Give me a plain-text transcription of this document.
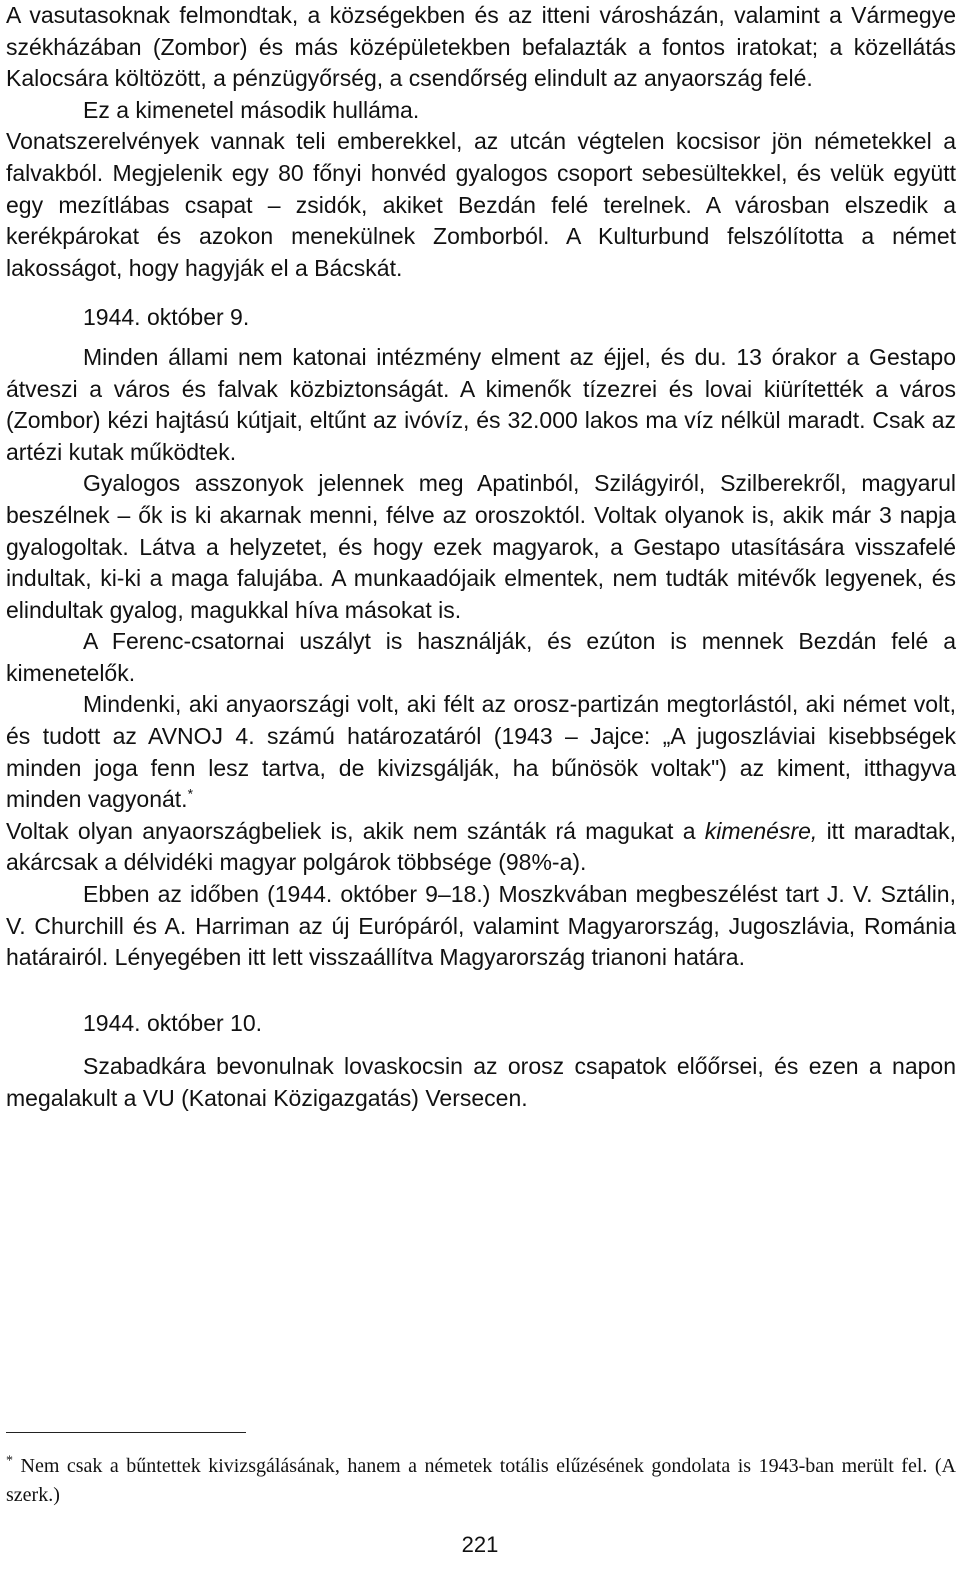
A vasutasoknak felmondtak, a községekben és az itteni városházán, valamint a Vármegye székházában (Zombor) és más középületekben befalazták a fontos iratokat; a közellátás Kalocsára költözött, a pénzügyőrség, a csendőrség elindult az anyaország felé.

Ez a kimenetel második hulláma.

Vonatszerelvények vannak teli emberekkel, az utcán végtelen kocsisor jön németekkel a falvakból. Megjelenik egy 80 főnyi honvéd gyalogos csoport sebesültekkel, és velük együtt egy mezítlábas csapat – zsidók, akiket Bezdán felé terelnek. A városban elszedik a kerékpárokat és azokon menekülnek Zomborból. A Kulturbund felszólította a német lakosságot, hogy hagyják el a Bácskát.

1944. október 9.

Minden állami nem katonai intézmény elment az éjjel, és du. 13 órakor a Gestapo átveszi a város és falvak közbiztonságát. A kimenők tízezrei és lovai kiürítették a város (Zombor) kézi hajtású kútjait, eltűnt az ivóvíz, és 32.000 lakos ma víz nélkül maradt. Csak az artézi kutak működtek.

Gyalogos asszonyok jelennek meg Apatinból, Szilágyiról, Szilberekről, magyarul beszélnek – ők is ki akarnak menni, félve az oroszoktól. Voltak olyanok is, akik már 3 napja gyalogoltak. Látva a helyzetet, és hogy ezek magyarok, a Gestapo utasítására visszafelé indultak, ki-ki a maga falujába. A munkaadójaik elmentek, nem tudták mitévők legyenek, és elindultak gyalog, magukkal híva másokat is.

A Ferenc-csatornai uszályt is használják, és ezúton is mennek Bezdán felé a kimenetelők.

Mindenki, aki anyaországi volt, aki félt az orosz-partizán megtorlástól, aki német volt, és tudott az AVNOJ 4. számú határozatáról (1943 – Jajce: „A jugoszláviai kisebbségek minden joga fenn lesz tartva, de kivizsgálják, ha bűnösök voltak") az kiment, itthagyva minden vagyonát.*

Voltak olyan anyaországbeliek is, akik nem szánták rá magukat a kimenésre, itt maradtak, akárcsak a délvidéki magyar polgárok többsége (98%-a).

Ebben az időben (1944. október 9–18.) Moszkvában megbeszélést tart J. V. Sztálin, V. Churchill és A. Harriman az új Európáról, valamint Magyarország, Jugoszlávia, Románia határairól. Lényegében itt lett visszaállítva Magyarország trianoni határa.

1944. október 10.

Szabadkára bevonulnak lovaskocsin az orosz csapatok előőrsei, és ezen a napon megalakult a VU (Katonai Közigazgatás) Versecen.

* Nem csak a bűntettek kivizsgálásának, hanem a németek totális elűzésének gondolata is 1943-ban merült fel. (A szerk.)
221
